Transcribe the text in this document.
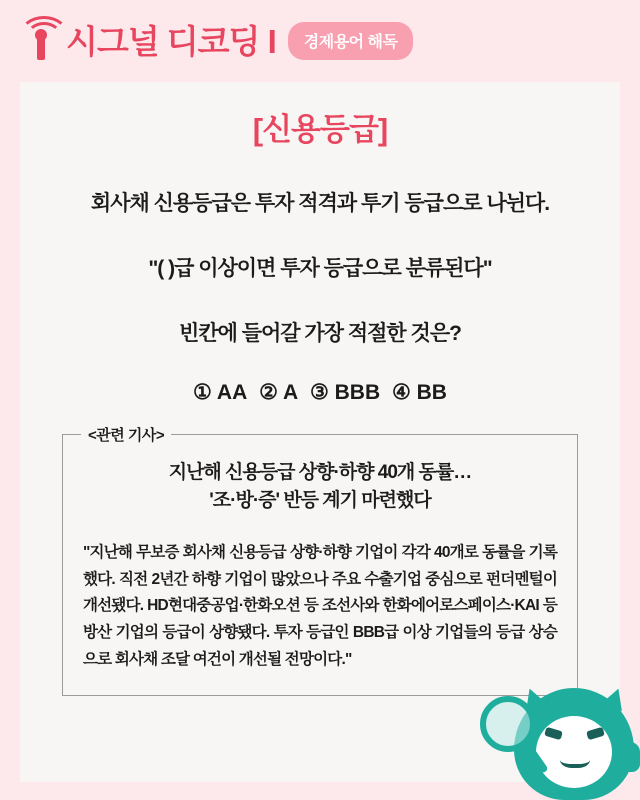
시그널 디코딩 I	경제용어 해독
[신용등급]
회사채 신용등급은 투자 적격과 투기 등급으로 나뉜다.
"( )급 이상이면 투자 등급으로 분류된다"
빈칸에 들어갈 가장 적절한 것은?
① AA ② A ③ BBB ④ BB
<관련 기사>
지난해 신용등급 상향·하향 40개 동률…
'조·방·증' 반등 계기 마련했다
"지난해 무보증 회사채 신용등급 상향·하향 기업이 각각 40개로 동률을 기록했다. 직전 2년간 하향 기업이 많았으나 주요 수출기업 중심으로 펀더멘털이 개선됐다. HD현대중공업·한화오션 등 조선사와 한화에어로스페이스·KAI 등 방산 기업의 등급이 상향됐다. 투자 등급인 BBB급 이상 기업들의 등급 상승으로 회사채 조달 여건이 개선될 전망이다."
